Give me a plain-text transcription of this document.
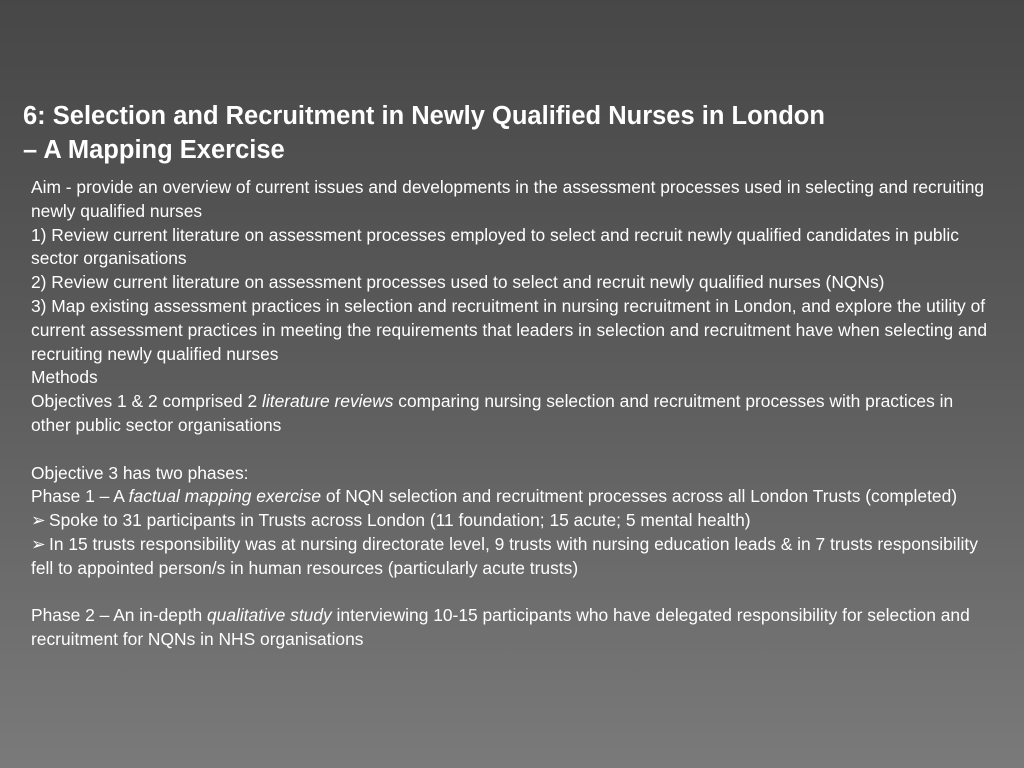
6: Selection and Recruitment in Newly Qualified Nurses in London
– A Mapping Exercise

Aim - provide an overview of current issues and developments in the assessment processes used in selecting and recruiting newly qualified nurses

1) Review current literature on assessment processes employed to select and recruit newly qualified candidates in public sector organisations

2) Review current literature on assessment processes used to select and recruit newly qualified nurses (NQNs)

3) Map existing assessment practices in selection and recruitment in nursing recruitment in London, and explore the utility of current assessment practices in meeting the requirements that leaders in selection and recruitment have when selecting and recruiting newly qualified nurses

Methods

Objectives 1 & 2 comprised 2 literature reviews comparing nursing selection and recruitment processes with practices in other public sector organisations

Objective 3 has two phases:

Phase 1 – A factual mapping exercise of NQN selection and recruitment processes across all London Trusts (completed)

➢ Spoke to 31 participants in Trusts across London (11 foundation; 15 acute; 5 mental health)

➢ In 15 trusts responsibility was at nursing directorate level, 9 trusts with nursing education leads & in 7 trusts responsibility fell to appointed person/s in human resources (particularly acute trusts)

Phase 2 – An in-depth qualitative study interviewing 10-15 participants who have delegated responsibility for selection and recruitment for NQNs in NHS organisations
